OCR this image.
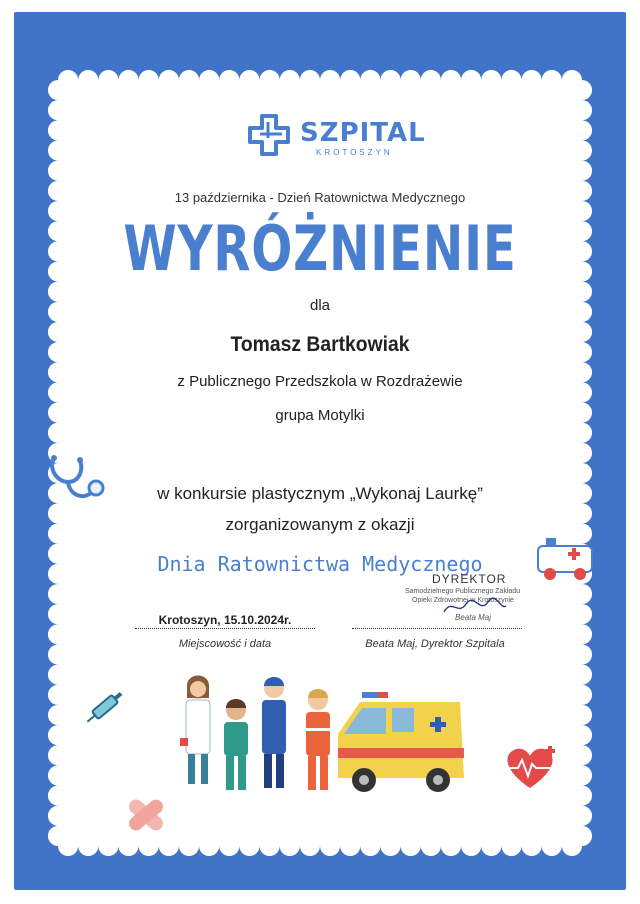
SZPITAL
KROTOSZYN
13 października - Dzień Ratownictwa Medycznego
WYRÓŻNIENIE
dla
Tomasz Bartkowiak
z Publicznego Przedszkola w Rozdrażewie
grupa Motylki
w konkursie plastycznym „Wykonaj Laurkę”
zorganizowanym z okazji
Dnia Ratownictwa Medycznego
DYREKTOR
Samodzielnego Publicznego Zakładu
Opieki Zdrowotnej w Krotoszynie
Beata Maj
Krotoszyn, 15.10.2024r.
Miejscowość i data	Beata Maj, Dyrektor Szpitala
